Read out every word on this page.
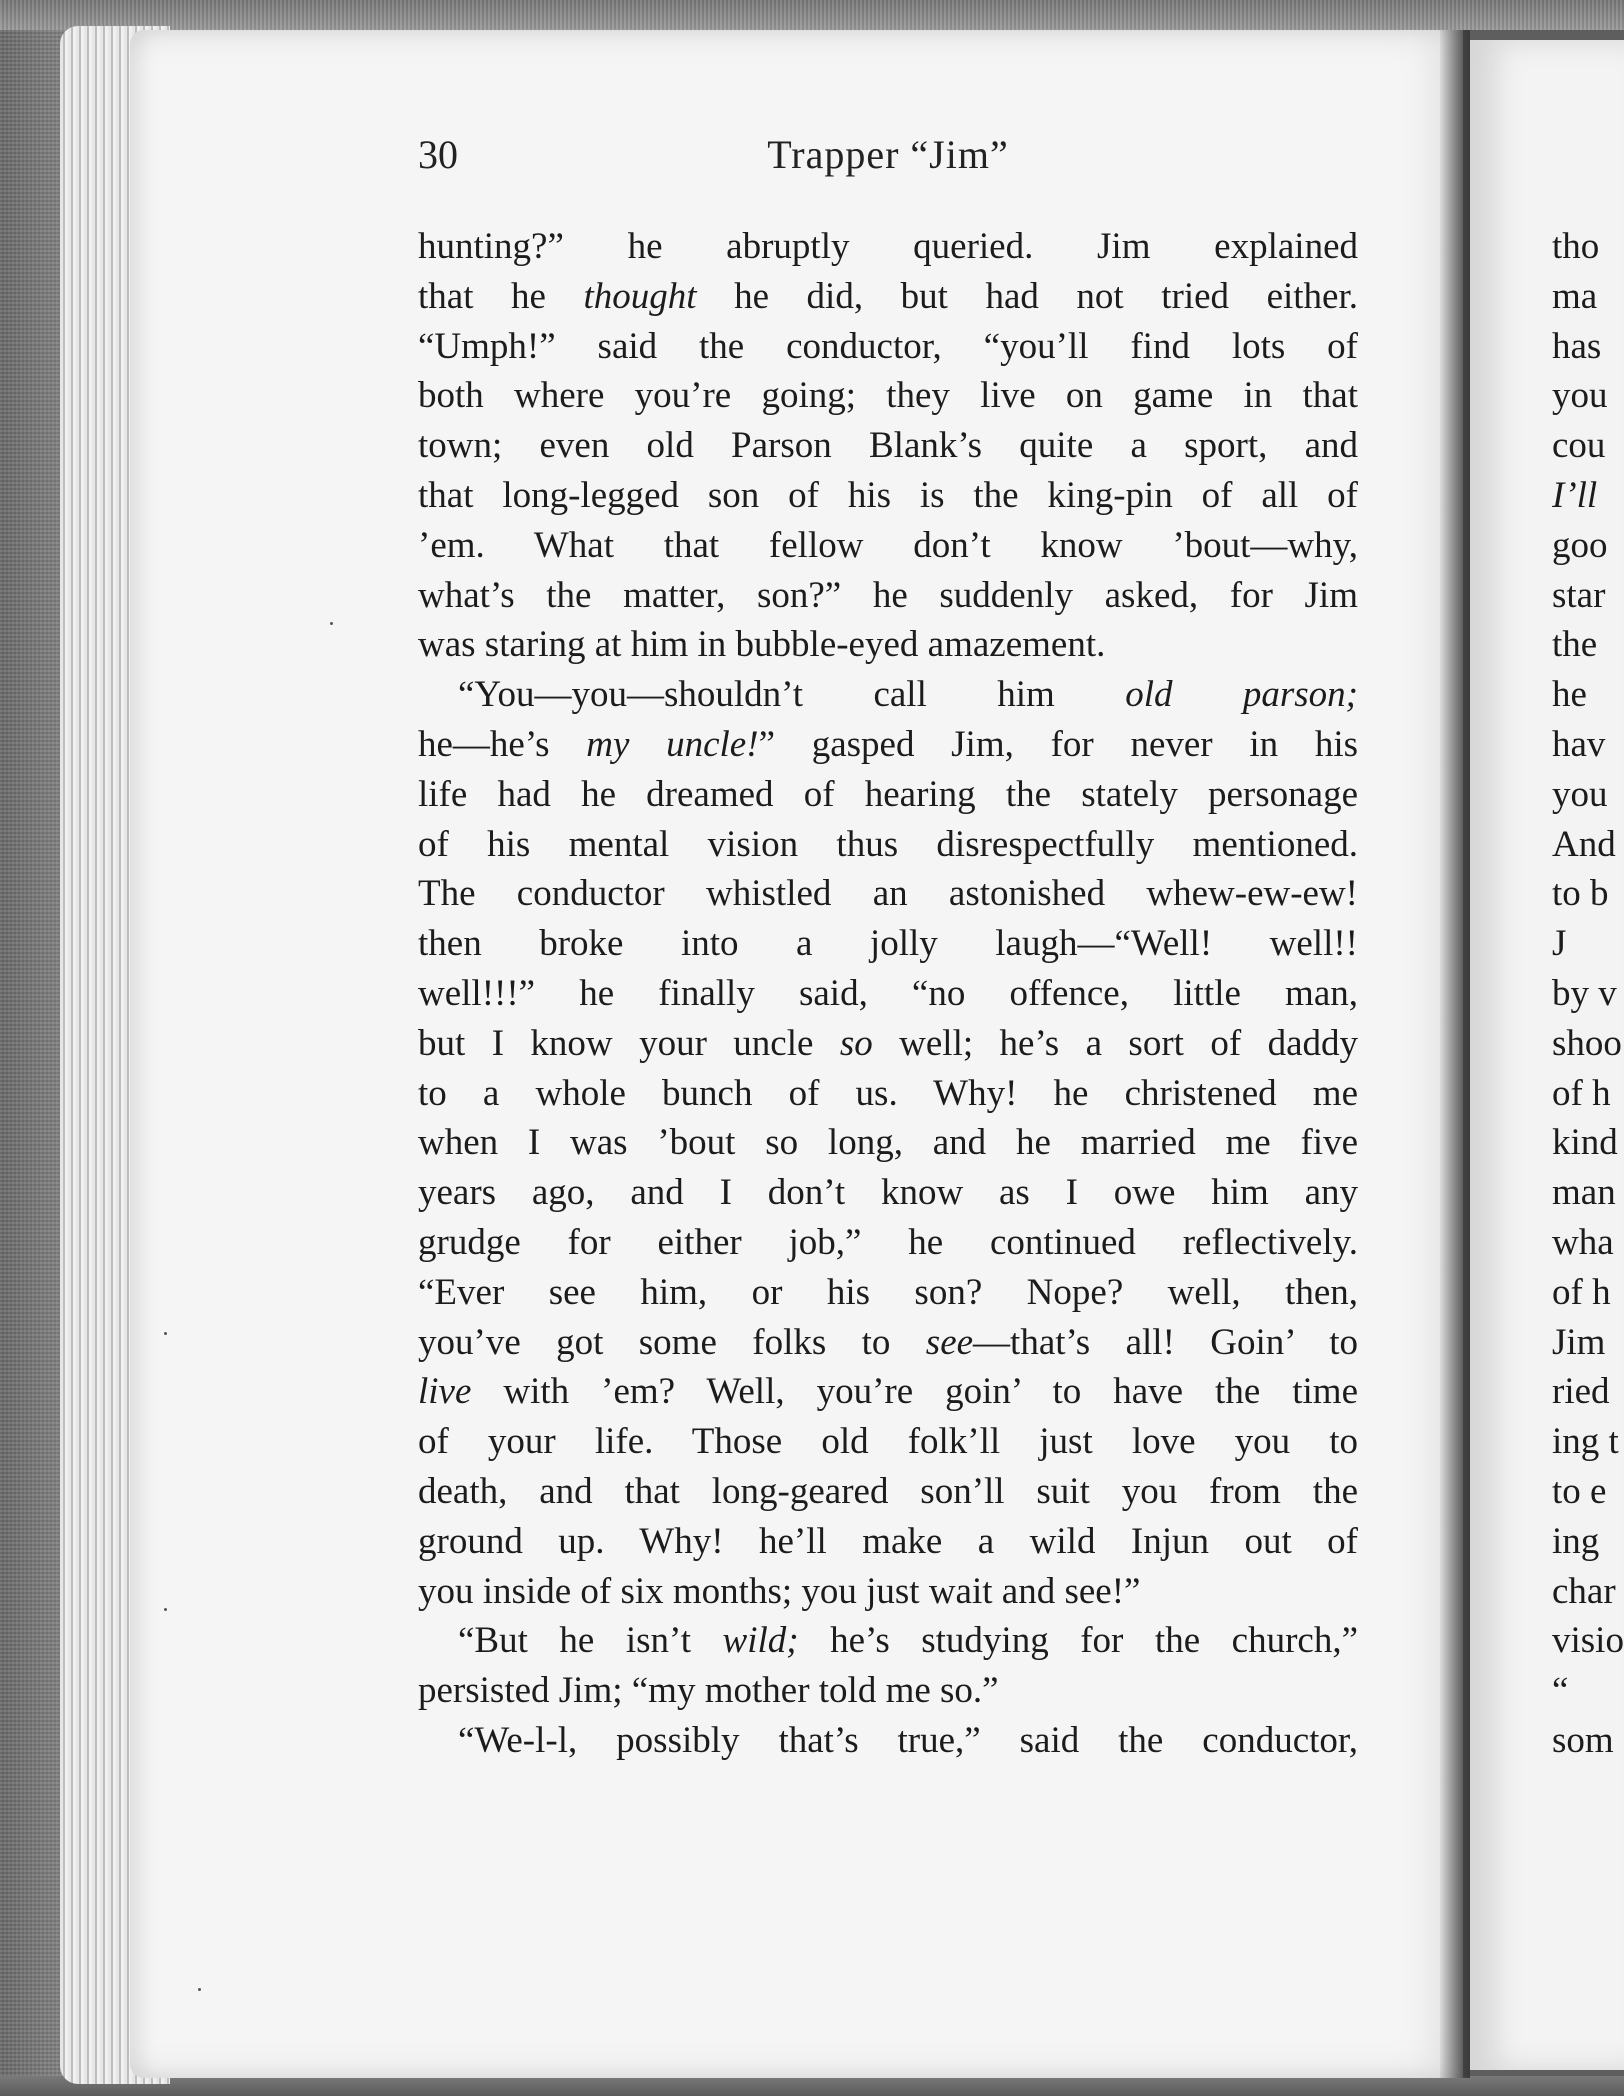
30	Trapper “Jim”
hunting?” he abruptly queried. Jim explained
that he thought he did, but had not tried either.
“Umph!” said the conductor, “you’ll find lots of
both where you’re going; they live on game in that
town; even old Parson Blank’s quite a sport, and
that long-legged son of his is the king-pin of all of
’em. What that fellow don’t know ’bout—why,
what’s the matter, son?” he suddenly asked, for Jim
was staring at him in bubble-eyed amazement.
“You—you—shouldn’t call him old parson;
he—he’s my uncle!” gasped Jim, for never in his
life had he dreamed of hearing the stately personage
of his mental vision thus disrespectfully mentioned.
The conductor whistled an astonished whew-ew-ew!
then broke into a jolly laugh—“Well! well!!
well!!!” he finally said, “no offence, little man,
but I know your uncle so well; he’s a sort of daddy
to a whole bunch of us. Why! he christened me
when I was ’bout so long, and he married me five
years ago, and I don’t know as I owe him any
grudge for either job,” he continued reflectively.
“Ever see him, or his son? Nope? well, then,
you’ve got some folks to see—that’s all! Goin’ to
live with ’em? Well, you’re goin’ to have the time
of your life. Those old folk’ll just love you to
death, and that long-geared son’ll suit you from the
ground up. Why! he’ll make a wild Injun out of
you inside of six months; you just wait and see!”
“But he isn’t wild; he’s studying for the church,”
persisted Jim; “my mother told me so.”
“We-l-l, possibly that’s true,” said the conductor,
tho
ma
has
you
cou
I’ll
goo
star
the
he
hav
you
And
to b
J
by v
shoo
of h
kind
man
wha
of h
Jim
ried
ing t
to e
ing
char
visio
“
som
